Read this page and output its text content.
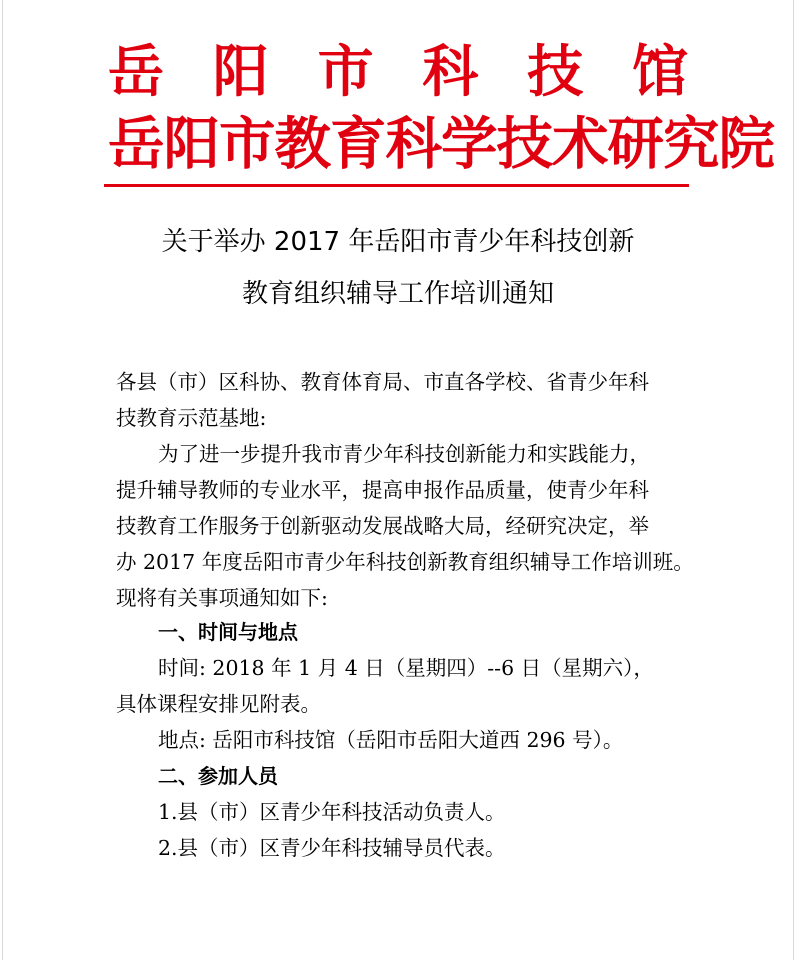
岳 阳 市 科 技 馆
岳阳市教育科学技术研究院
关于举办 2017 年岳阳市青少年科技创新
教育组织辅导工作培训通知
各县（市）区科协、教育体育局、市直各学校、省青少年科
技教育示范基地:
为了进一步提升我市青少年科技创新能力和实践能力，
提升辅导教师的专业水平，提高申报作品质量，使青少年科
技教育工作服务于创新驱动发展战略大局，经研究决定，举
办 2017 年度岳阳市青少年科技创新教育组织辅导工作培训班。
现将有关事项通知如下:
一、时间与地点
时间: 2018 年 1 月 4 日（星期四）--6 日（星期六），
具体课程安排见附表。
地点: 岳阳市科技馆（岳阳市岳阳大道西 296 号）。
二、参加人员
1.县（市）区青少年科技活动负责人。
2.县（市）区青少年科技辅导员代表。
